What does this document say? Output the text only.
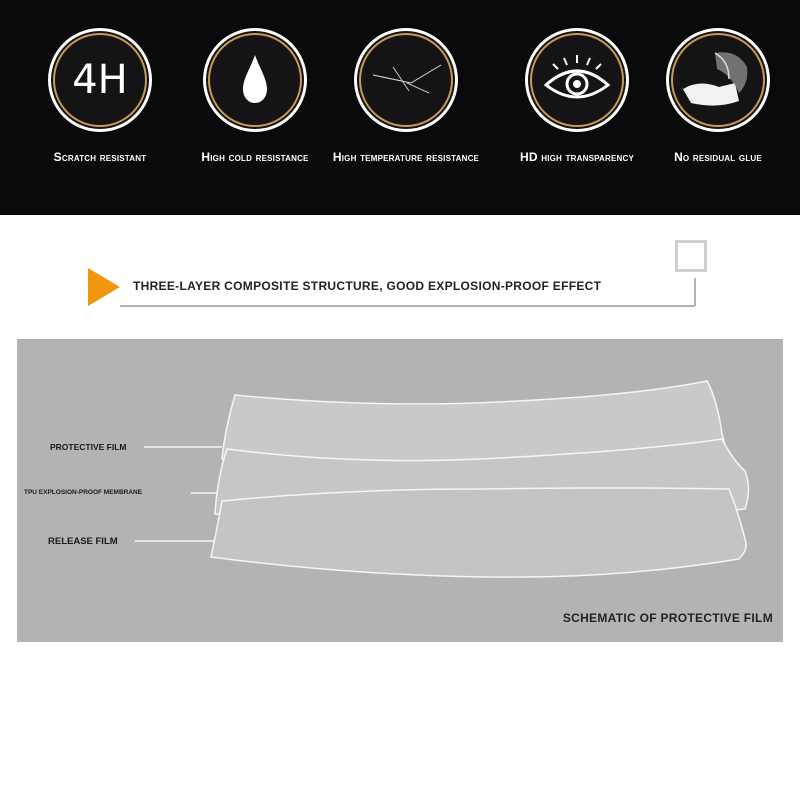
4H
Scratch resistant	High cold resistance	High temperature resistance	HD high transparency	No residual glue
THREE-LAYER COMPOSITE STRUCTURE, GOOD EXPLOSION-PROOF EFFECT
PROTECTIVE FILM
TPU EXPLOSION-PROOF MEMBRANE
RELEASE FILM
SCHEMATIC OF PROTECTIVE FILM
